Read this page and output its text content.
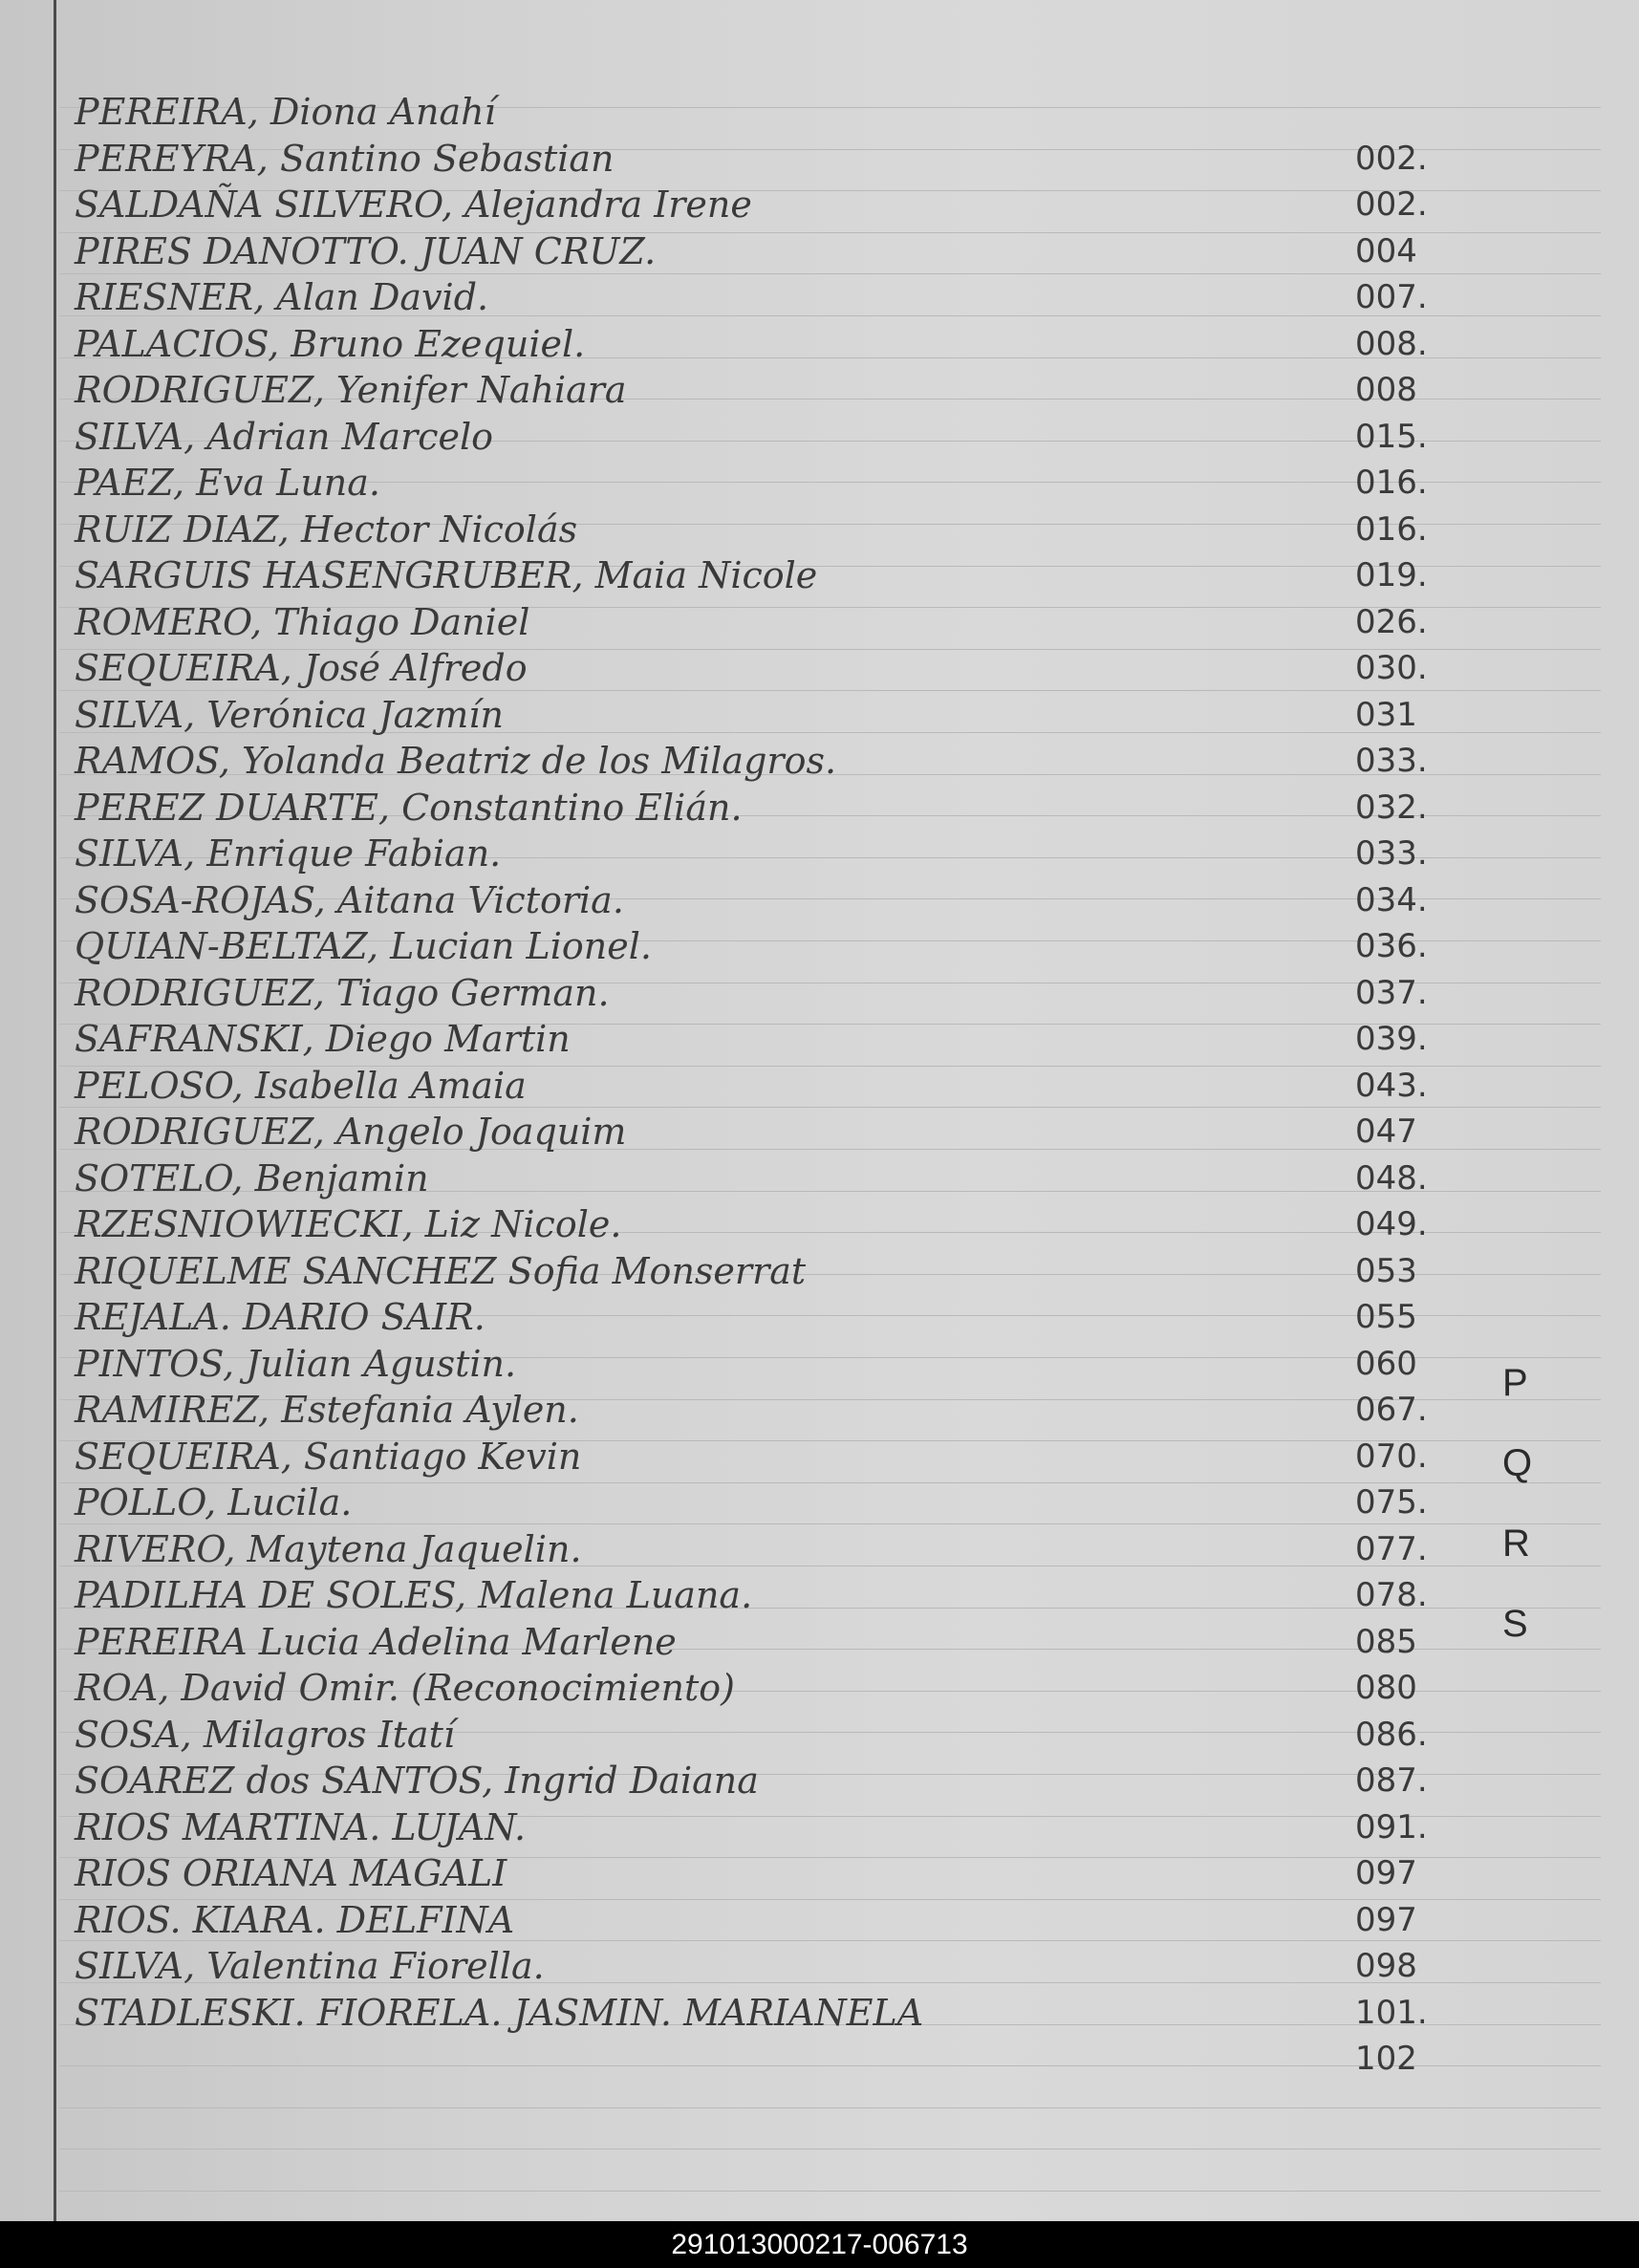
PEREIRA, Diona Anahí
PEREYRA, Santino Sebastian	002.
SALDAÑA SILVERO, Alejandra Irene	002.
PIRES DANOTTO. JUAN CRUZ.	004
RIESNER, Alan David.	007.
PALACIOS, Bruno Ezequiel.	008.
RODRIGUEZ, Yenifer Nahiara	008
SILVA, Adrian Marcelo	015.
PAEZ, Eva Luna.	016.
RUIZ DIAZ, Hector Nicolás	016.
SARGUIS HASENGRUBER, Maia Nicole	019.
ROMERO, Thiago Daniel	026.
SEQUEIRA, José Alfredo	030.
SILVA, Verónica Jazmín	031
RAMOS, Yolanda Beatriz de los Milagros.	033.
PEREZ DUARTE, Constantino Elián.	032.
SILVA, Enrique Fabian.	033.
SOSA-ROJAS, Aitana Victoria.	034.
QUIAN-BELTAZ, Lucian Lionel.	036.
RODRIGUEZ, Tiago German.	037.
SAFRANSKI, Diego Martin	039.
PELOSO, Isabella Amaia	043.
RODRIGUEZ, Angelo Joaquim	047
SOTELO, Benjamin	048.
RZESNIOWIECKI, Liz Nicole.	049.
RIQUELME SANCHEZ Sofia Monserrat	053
REJALA. DARIO SAIR.	055
PINTOS, Julian Agustin.	060
RAMIREZ, Estefania Aylen.	067.
SEQUEIRA, Santiago Kevin	070.
POLLO, Lucila.	075.
RIVERO, Maytena Jaquelin.	077.
PADILHA DE SOLES, Malena Luana.	078.
PEREIRA Lucia Adelina Marlene	085
ROA, David Omir. (Reconocimiento)	080
SOSA, Milagros Itatí	086.
SOAREZ dos SANTOS, Ingrid Daiana	087.
RIOS MARTINA. LUJAN.	091.
RIOS ORIANA MAGALI	097
RIOS. KIARA. DELFINA	097
SILVA, Valentina Fiorella.	098
STADLESKI. FIORELA. JASMIN. MARIANELA	101.
102
P
Q
R
S
291013000217-006713
